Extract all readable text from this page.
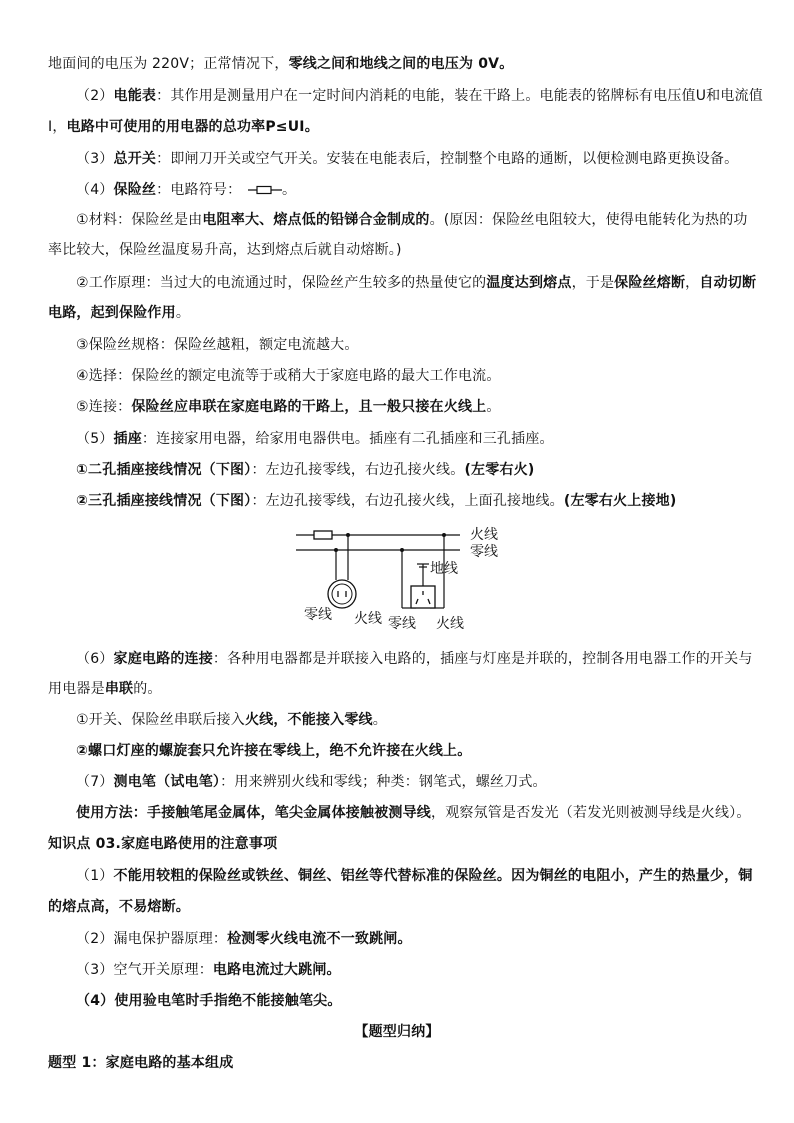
地面间的电压为 220V；正常情况下，零线之间和地线之间的电压为 0V。
（2）电能表：其作用是测量用户在一定时间内消耗的电能，装在干路上。电能表的铭牌标有电压值U和电流值
I，电路中可使用的用电器的总功率P≤UI。
（3）总开关：即闸刀开关或空气开关。安装在电能表后，控制整个电路的通断，以便检测电路更换设备。
（4）保险丝：电路符号：	。
①材料：保险丝是由电阻率大、熔点低的铅锑合金制成的。(原因：保险丝电阻较大，使得电能转化为热的功
率比较大，保险丝温度易升高，达到熔点后就自动熔断。)
②工作原理：当过大的电流通过时，保险丝产生较多的热量使它的温度达到熔点，于是保险丝熔断，自动切断
电路，起到保险作用。
③保险丝规格：保险丝越粗，额定电流越大。
④选择：保险丝的额定电流等于或稍大于家庭电路的最大工作电流。
⑤连接：保险丝应串联在家庭电路的干路上，且一般只接在火线上。
（5）插座：连接家用电器，给家用电器供电。插座有二孔插座和三孔插座。
①二孔插座接线情况（下图）：左边孔接零线，右边孔接火线。(左零右火)
②三孔插座接线情况（下图）：左边孔接零线，右边孔接火线，上面孔接地线。(左零右火上接地)
火线
零线
零线 火线
地线
零线 火线
（6）家庭电路的连接：各种用电器都是并联接入电路的，插座与灯座是并联的，控制各用电器工作的开关与
用电器是串联的。
①开关、保险丝串联后接入火线，不能接入零线。
②螺口灯座的螺旋套只允许接在零线上，绝不允许接在火线上。
（7）测电笔（试电笔）：用来辨别火线和零线；种类：钢笔式，螺丝刀式。
使用方法：手接触笔尾金属体，笔尖金属体接触被测导线，观察氖管是否发光（若发光则被测导线是火线）。
知识点 03.家庭电路使用的注意事项
（1）不能用较粗的保险丝或铁丝、铜丝、铝丝等代替标准的保险丝。因为铜丝的电阻小，产生的热量少，铜
的熔点高，不易熔断。
（2）漏电保护器原理：检测零火线电流不一致跳闸。
（3）空气开关原理：电路电流过大跳闸。
（4）使用验电笔时手指绝不能接触笔尖。
【题型归纳】
题型 1：家庭电路的基本组成
